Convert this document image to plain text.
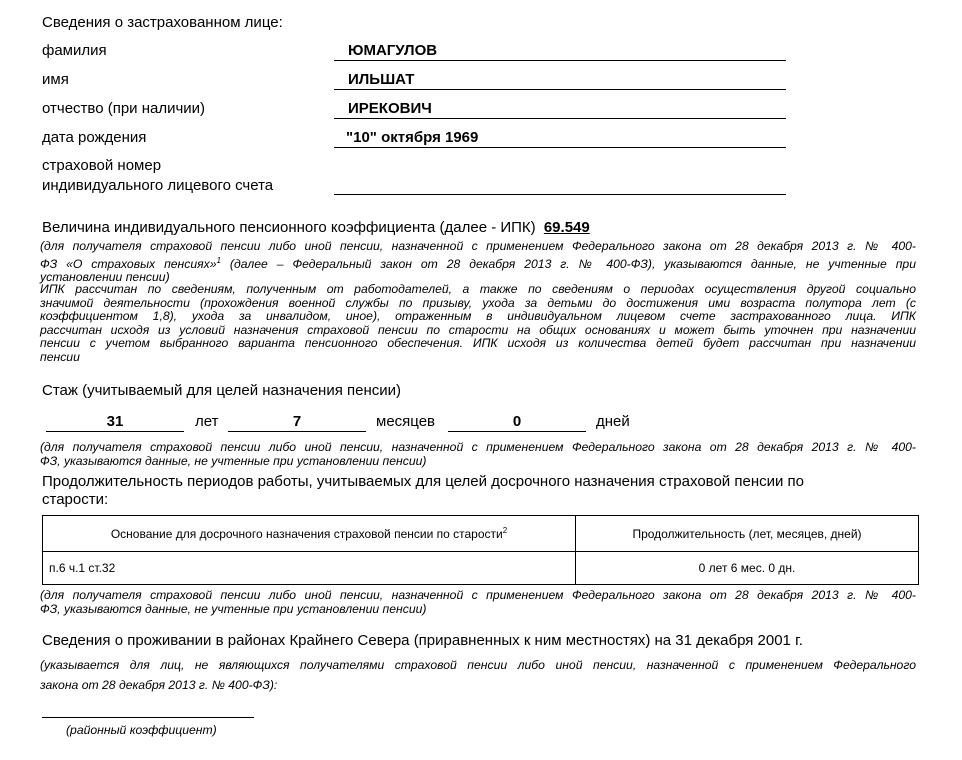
Сведения о застрахованном лице:
фамилия	ЮМАГУЛОВ
имя	ИЛЬШАТ
отчество (при наличии)	ИРЕКОВИЧ
дата рождения	"10" октября 1969
страховой номер
индивидуального лицевого счета
Величина индивидуального пенсионного коэффициента (далее - ИПК) 69.549
(для получателя страховой пенсии либо иной пенсии, назначенной с применением Федерального закона от 28 декабря 2013 г. № 400-
ФЗ «О страховых пенсиях»$^1$ (далее – Федеральный закон от 28 декабря 2013 г. № 400-ФЗ), указываются данные, не учтенные при
установлении пенсии)
ИПК рассчитан по сведениям, полученным от работодателей, а также по сведениям о периодах осуществления другой социально
значимой деятельности (прохождения военной службы по призыву, ухода за детьми до достижения ими возраста полутора лет (с
коэффициентом 1,8), ухода за инвалидом, иное), отраженным в индивидуальном лицевом счете застрахованного лица. ИПК
рассчитан исходя из условий назначения страховой пенсии по старости на общих основаниях и может быть уточнен при назначении
пенсии с учетом выбранного варианта пенсионного обеспечения. ИПК исходя из количества детей будет рассчитан при назначении
пенсии
Стаж (учитываемый для целей назначения пенсии)
31	лет	7	месяцев	0	дней
(для получателя страховой пенсии либо иной пенсии, назначенной с применением Федерального закона от 28 декабря 2013 г. № 400-
ФЗ, указываются данные, не учтенные при установлении пенсии)
Продолжительность периодов работы, учитываемых для целей досрочного назначения страховой пенсии по
старости:
Основание для досрочного назначения страховой пенсии по старости$^2$	Продолжительность (лет, месяцев, дней)
п.6 ч.1 ст.32	0 лет 6 мес. 0 дн.
(для получателя страховой пенсии либо иной пенсии, назначенной с применением Федерального закона от 28 декабря 2013 г. № 400-
ФЗ, указываются данные, не учтенные при установлении пенсии)
Сведения о проживании в районах Крайнего Севера (приравненных к ним местностях) на 31 декабря 2001 г.
(указывается для лиц, не являющихся получателями страховой пенсии либо иной пенсии, назначенной с применением Федерального
закона от 28 декабря 2013 г. № 400-ФЗ):
(районный коэффициент)
